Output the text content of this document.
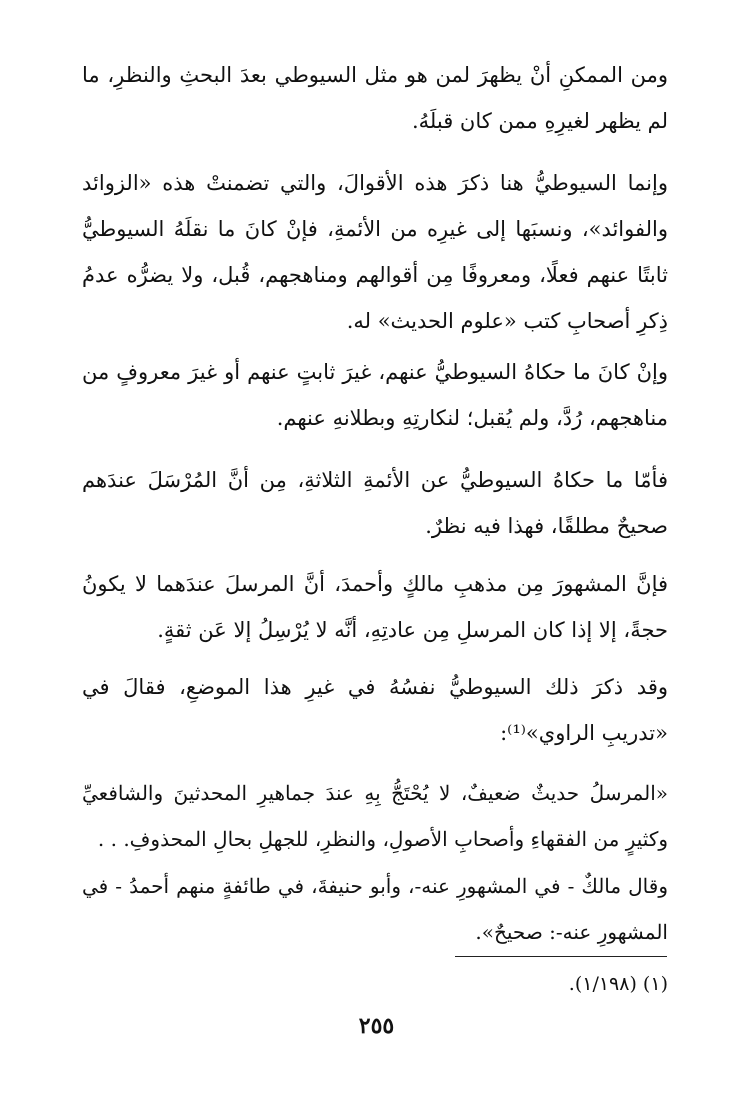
ومن الممكنِ أنْ يظهرَ لمن هو مثل السيوطي بعدَ البحثِ والنظرِ، ما لم يظهر لغيرِهِ ممن كان قبلَهُ.

وإنما السيوطيُّ هنا ذكرَ هذه الأقوالَ، والتي تضمنتْ هذه «الزوائد والفوائد»، ونسبَها إلى غيرِه من الأئمةِ، فإنْ كانَ ما نقلَهُ السيوطيُّ ثابتًا عنهم فعلًا، ومعروفًا مِن أقوالهم ومناهجهم، قُبل، ولا يضرُّه عدمُ ذِكرِ أصحابِ كتب «علوم الحديث» له.

وإنْ كانَ ما حكاهُ السيوطيُّ عنهم، غيرَ ثابتٍ عنهم أو غيرَ معروفٍ من مناهجهم، رُدَّ، ولم يُقبل؛ لنكارتِهِ وبطلانهِ عنهم.

فأمّا ما حكاهُ السيوطيُّ عن الأئمةِ الثلاثةِ، مِن أنَّ المُرْسَلَ عندَهم صحيحٌ مطلقًا، فهذا فيه نظرٌ.

فإنَّ المشهورَ مِن مذهبِ مالكٍ وأحمدَ، أنَّ المرسلَ عندَهما لا يكونُ حجةً، إلا إذا كان المرسلِ مِن عادتِهِ، أنَّه لا يُرْسِلُ إلا عَن ثقةٍ.

وقد ذكرَ ذلك السيوطيُّ نفسُهُ في غيرِ هذا الموضعِ، فقالَ في «تدريبِ الراوي»⁽¹⁾:

«المرسلُ حديثٌ ضعيفٌ، لا يُحْتَجُّ بِهِ عندَ جماهيرِ المحدثينَ والشافعيِّ وكثيرٍ من الفقهاءِ وأصحابِ الأصولِ، والنظرِ، للجهلِ بحالِ المحذوفِ. . .

وقال مالكٌ - في المشهورِ عنه-، وأبو حنيفةَ، في طائفةٍ منهم أحمدُ - في المشهورِ عنه-: صحيحٌ».

(١) (١/١٩٨).

٢٥٥
